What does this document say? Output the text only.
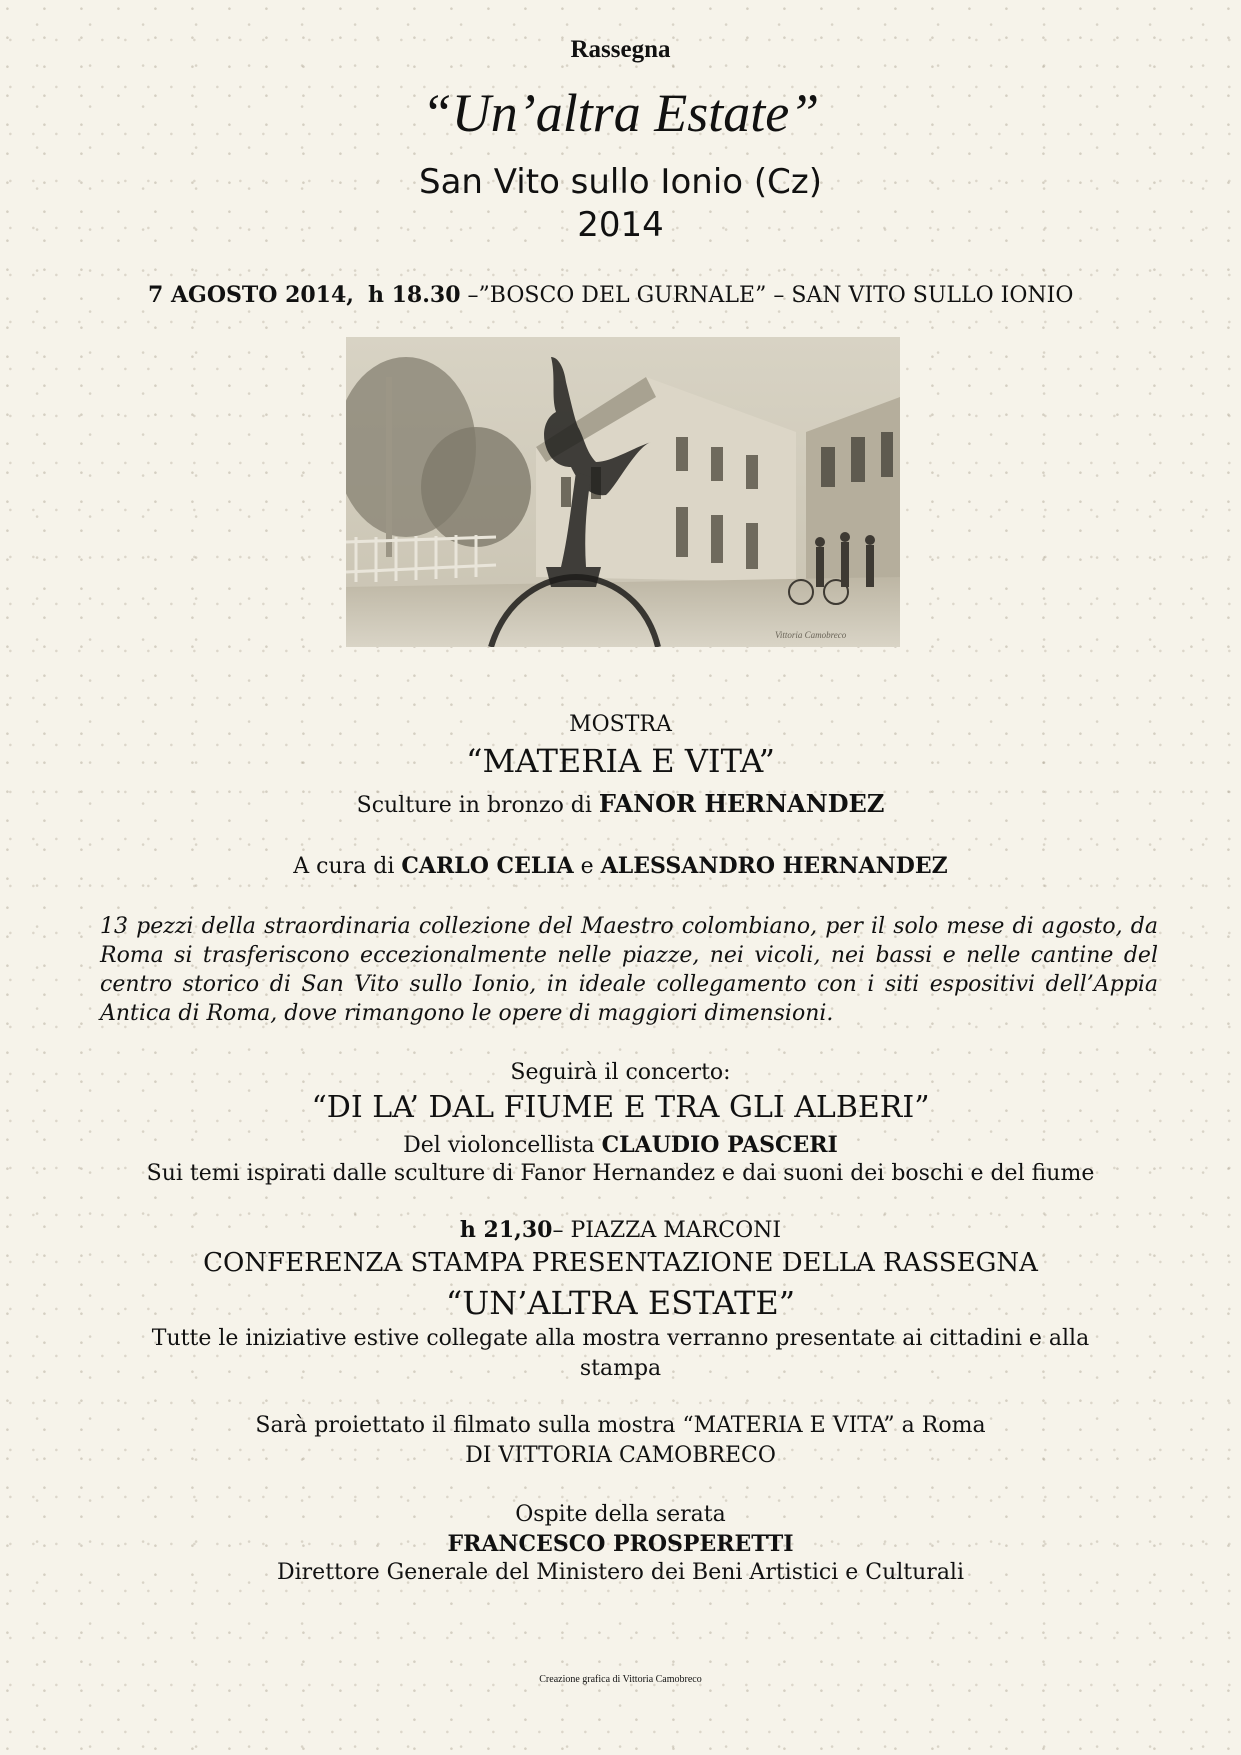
Rassegna
“Un’altra Estate”
San Vito sullo Ionio (Cz)
2014
7 AGOSTO 2014, h 18.30 –”BOSCO DEL GURNALE” – SAN VITO SULLO IONIO
Vittoria Camobreco
MOSTRA
“MATERIA E VITA”
Sculture in bronzo di FANOR HERNANDEZ
A cura di CARLO CELIA e ALESSANDRO HERNANDEZ
13 pezzi della straordinaria collezione del Maestro colombiano, per il solo mese di agosto, da Roma si trasferiscono eccezionalmente nelle piazze, nei vicoli, nei bassi e nelle cantine del centro storico di San Vito sullo Ionio, in ideale collegamento con i siti espositivi dell’Appia Antica di Roma, dove rimangono le opere di maggiori dimensioni.
Seguirà il concerto:
“DI LA’ DAL FIUME E TRA GLI ALBERI”
Del violoncellista CLAUDIO PASCERI
Sui temi ispirati dalle sculture di Fanor Hernandez e dai suoni dei boschi e del fiume
h 21,30– PIAZZA MARCONI
CONFERENZA STAMPA PRESENTAZIONE DELLA RASSEGNA
“UN’ALTRA ESTATE”
Tutte le iniziative estive collegate alla mostra verranno presentate ai cittadini e alla
stampa
Sarà proiettato il filmato sulla mostra “MATERIA E VITA” a Roma
DI VITTORIA CAMOBRECO
Ospite della serata
FRANCESCO PROSPERETTI
Direttore Generale del Ministero dei Beni Artistici e Culturali
Creazione grafica di Vittoria Camobreco
